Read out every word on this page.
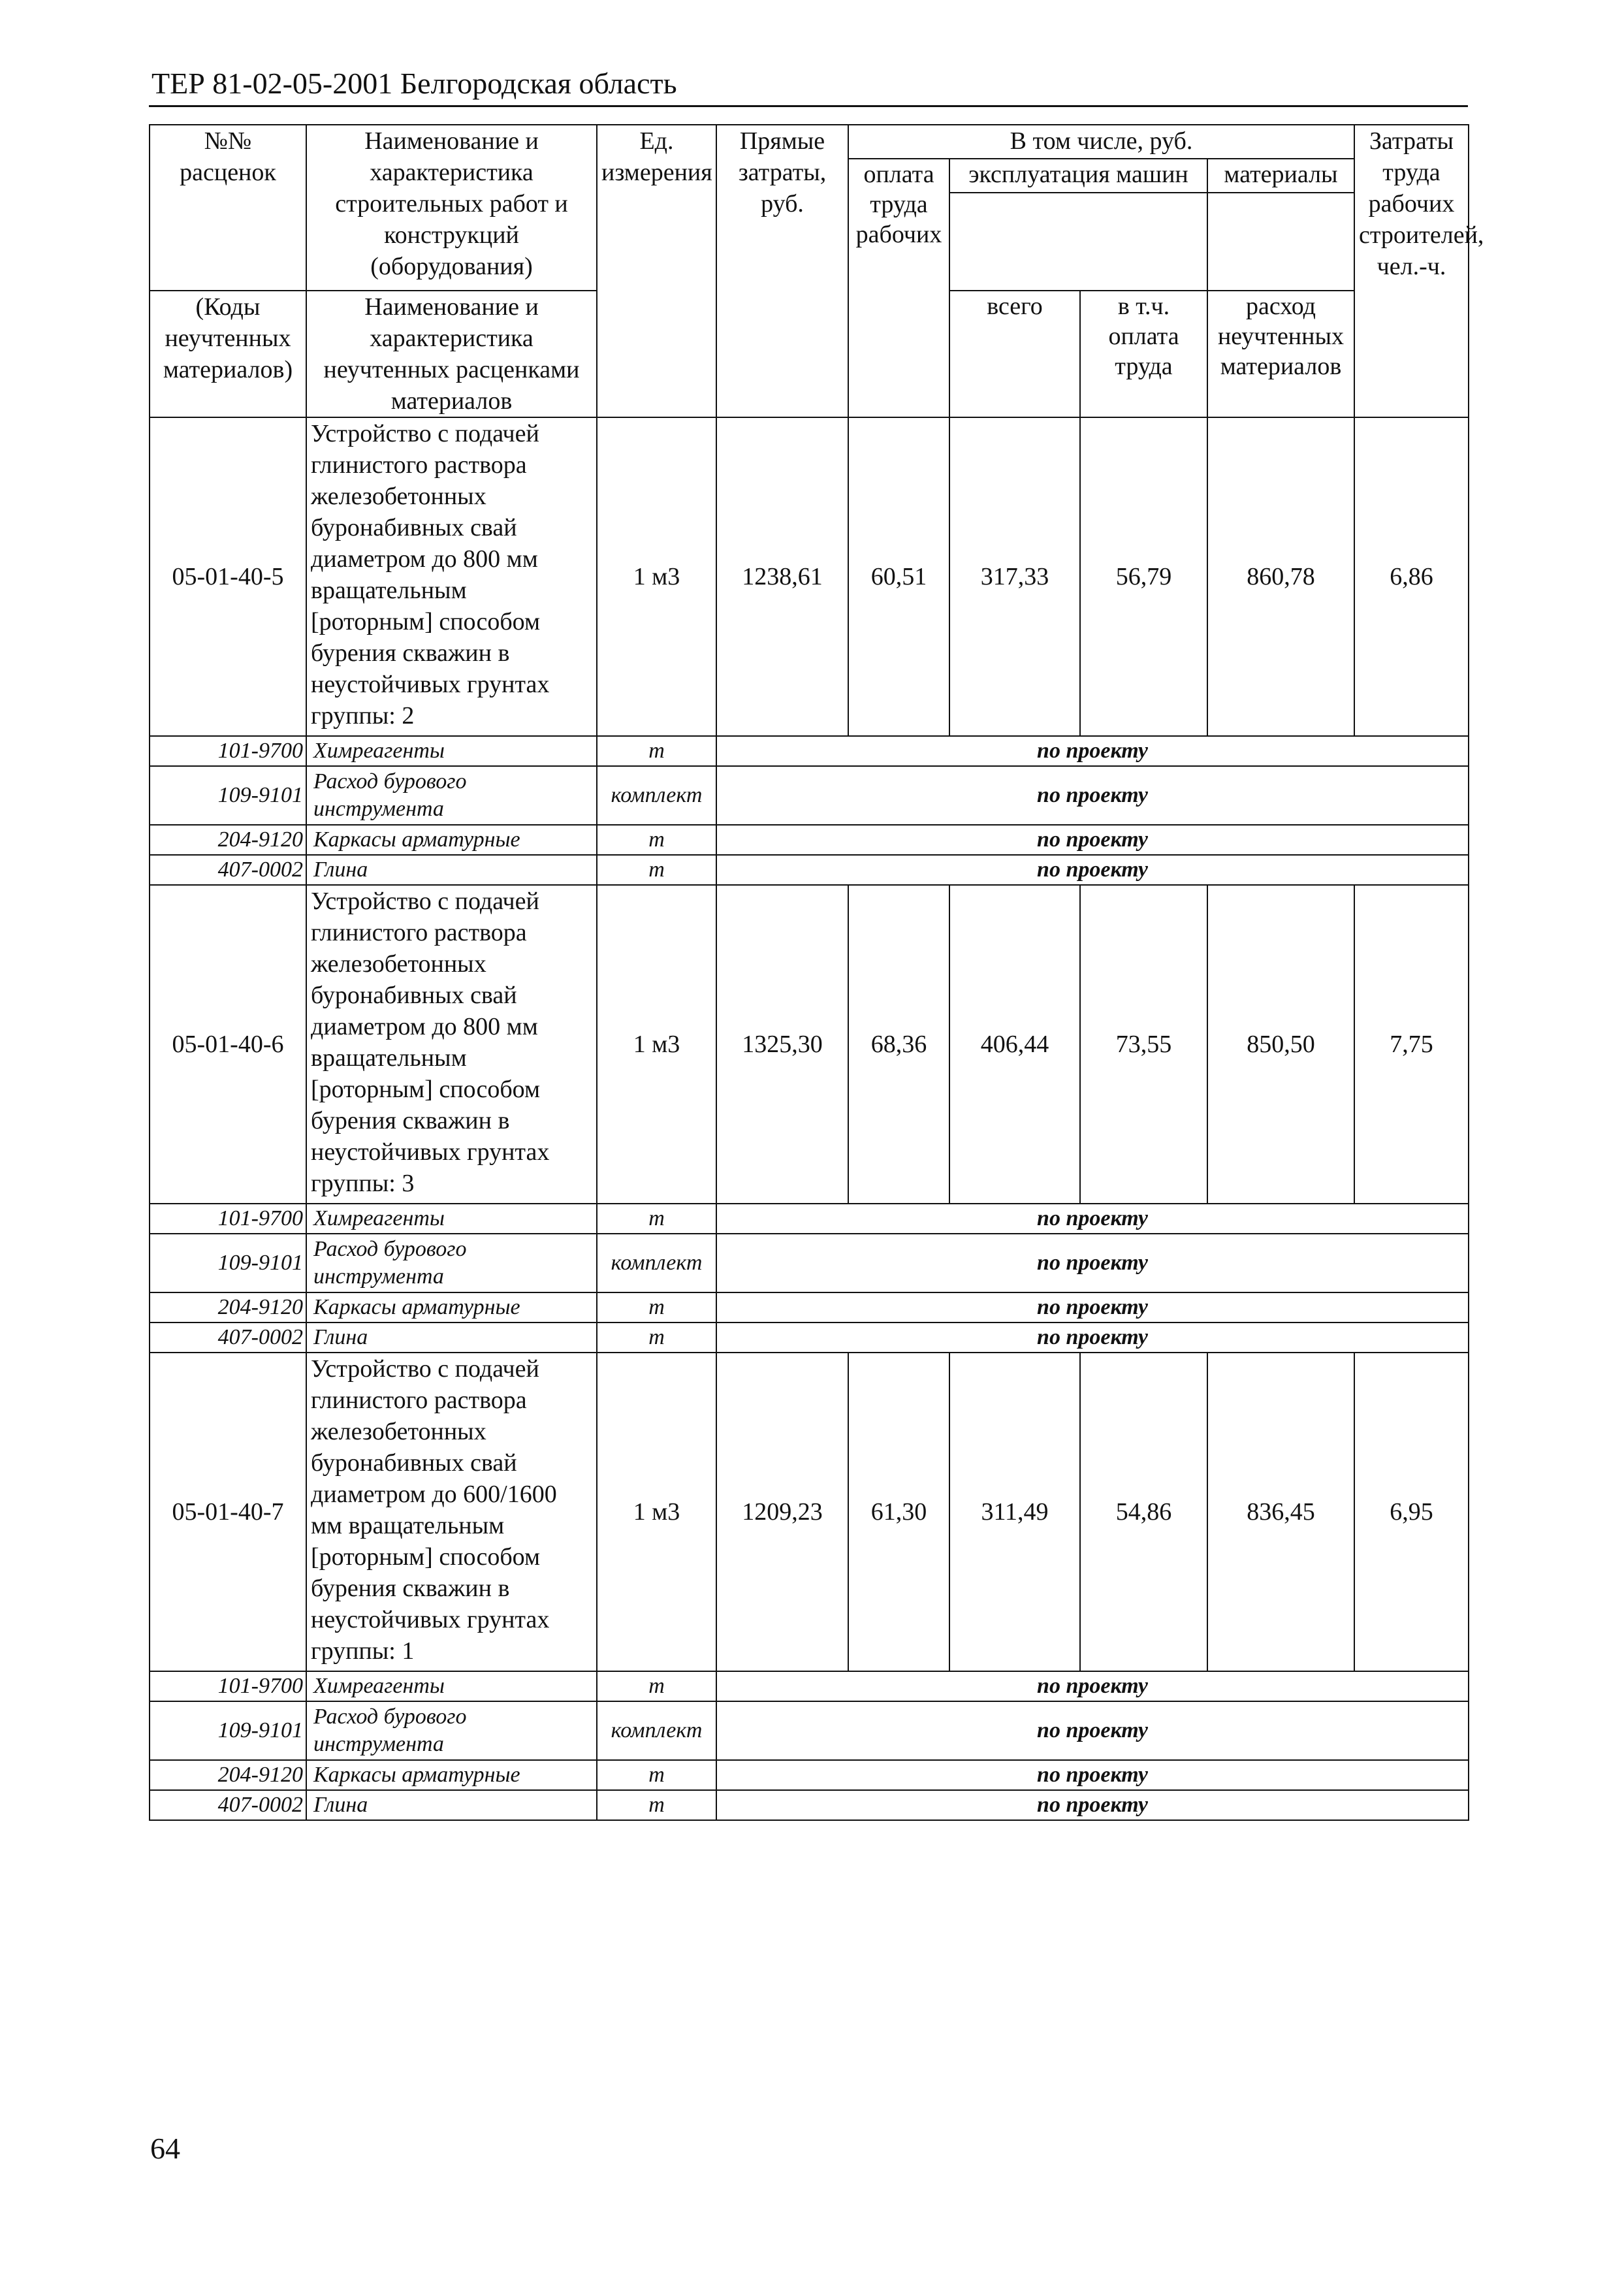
ТЕР 81-02-05-2001 Белгородская область
№№ расценок	Наименование и характеристика строительных работ и конструкций (оборудования)	Ед. измерения	Прямые затраты, руб.	В том числе, руб.				Затраты труда рабочих строителей, чел.-ч.
				оплата труда рабочих	эксплуатация машин		материалы	

(Коды неучтенных материалов)	Наименование и характеристика неучтенных расценками материалов				всего	в т.ч. оплата труда	расход неучтенных материалов	
05-01-40-5	Устройство с подачей глинистого раствора железобетонных буронабивных свай диаметром до 800 мм вращательным [роторным] способом бурения скважин в неустойчивых грунтах группы: 2	1 м3	1238,61	60,51	317,33	56,79	860,78	6,86
101-9700	Химреагенты	т	по проекту					
109-9101	Расход бурового инструмента	комплект	по проекту					
204-9120	Каркасы арматурные	т	по проекту					
407-0002	Глина	т	по проекту					
05-01-40-6	Устройство с подачей глинистого раствора железобетонных буронабивных свай диаметром до 800 мм вращательным [роторным] способом бурения скважин в неустойчивых грунтах группы: 3	1 м3	1325,30	68,36	406,44	73,55	850,50	7,75
101-9700	Химреагенты	т	по проекту					
109-9101	Расход бурового инструмента	комплект	по проекту					
204-9120	Каркасы арматурные	т	по проекту					
407-0002	Глина	т	по проекту					
05-01-40-7	Устройство с подачей глинистого раствора железобетонных буронабивных свай диаметром до 600/1600 мм вращательным [роторным] способом бурения скважин в неустойчивых грунтах группы: 1	1 м3	1209,23	61,30	311,49	54,86	836,45	6,95
101-9700	Химреагенты	т	по проекту					
109-9101	Расход бурового инструмента	комплект	по проекту					
204-9120	Каркасы арматурные	т	по проекту					
407-0002	Глина	т	по проекту					
64
